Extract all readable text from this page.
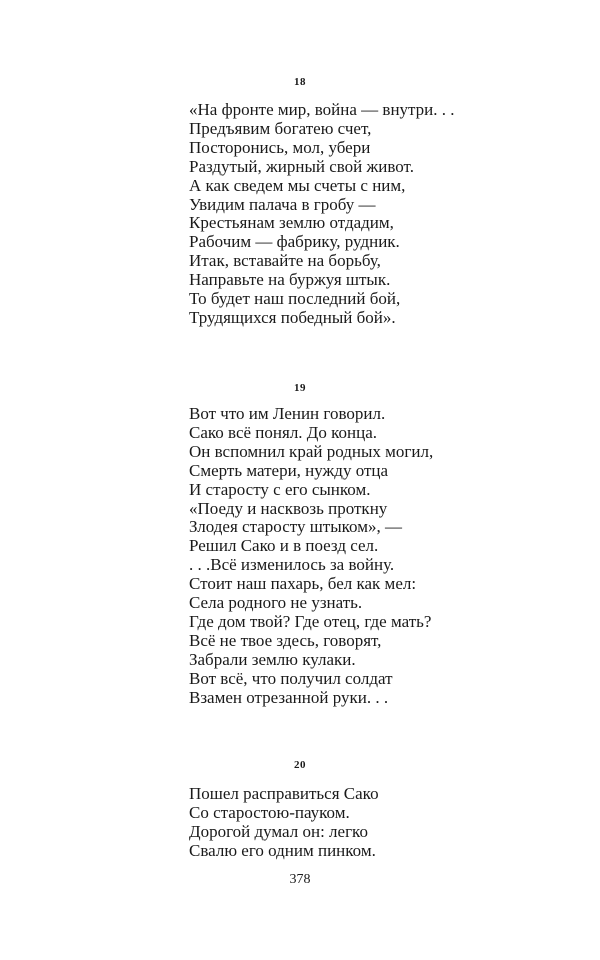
18
«На фронте мир, война — внутри. . .
Предъявим богатею счет,
Посторонись, мол, убери
Раздутый, жирный свой живот.
А как сведем мы счеты с ним,
Увидим палача в гробу —
Крестьянам землю отдадим,
Рабочим — фабрику, рудник.
Итак, вставайте на борьбу,
Направьте на буржуя штык.
То будет наш последний бой,
Трудящихся победный бой».
19
Вот что им Ленин говорил.
Сако всё понял. До конца.
Он вспомнил край родных могил,
Смерть матери, нужду отца
И старосту с его сынком.
«Поеду и насквозь проткну
Злодея старосту штыком», —
Решил Сако и в поезд сел.
. . .Всё изменилось за войну.
Стоит наш пахарь, бел как мел:
Села родного не узнать.
Где дом твой? Где отец, где мать?
Всё не твое здесь, говорят,
Забрали землю кулаки.
Вот всё, что получил солдат
Взамен отрезанной руки. . .
20
Пошел расправиться Сако
Со старостою-пауком.
Дорогой думал он: легко
Свалю его одним пинком.
378
